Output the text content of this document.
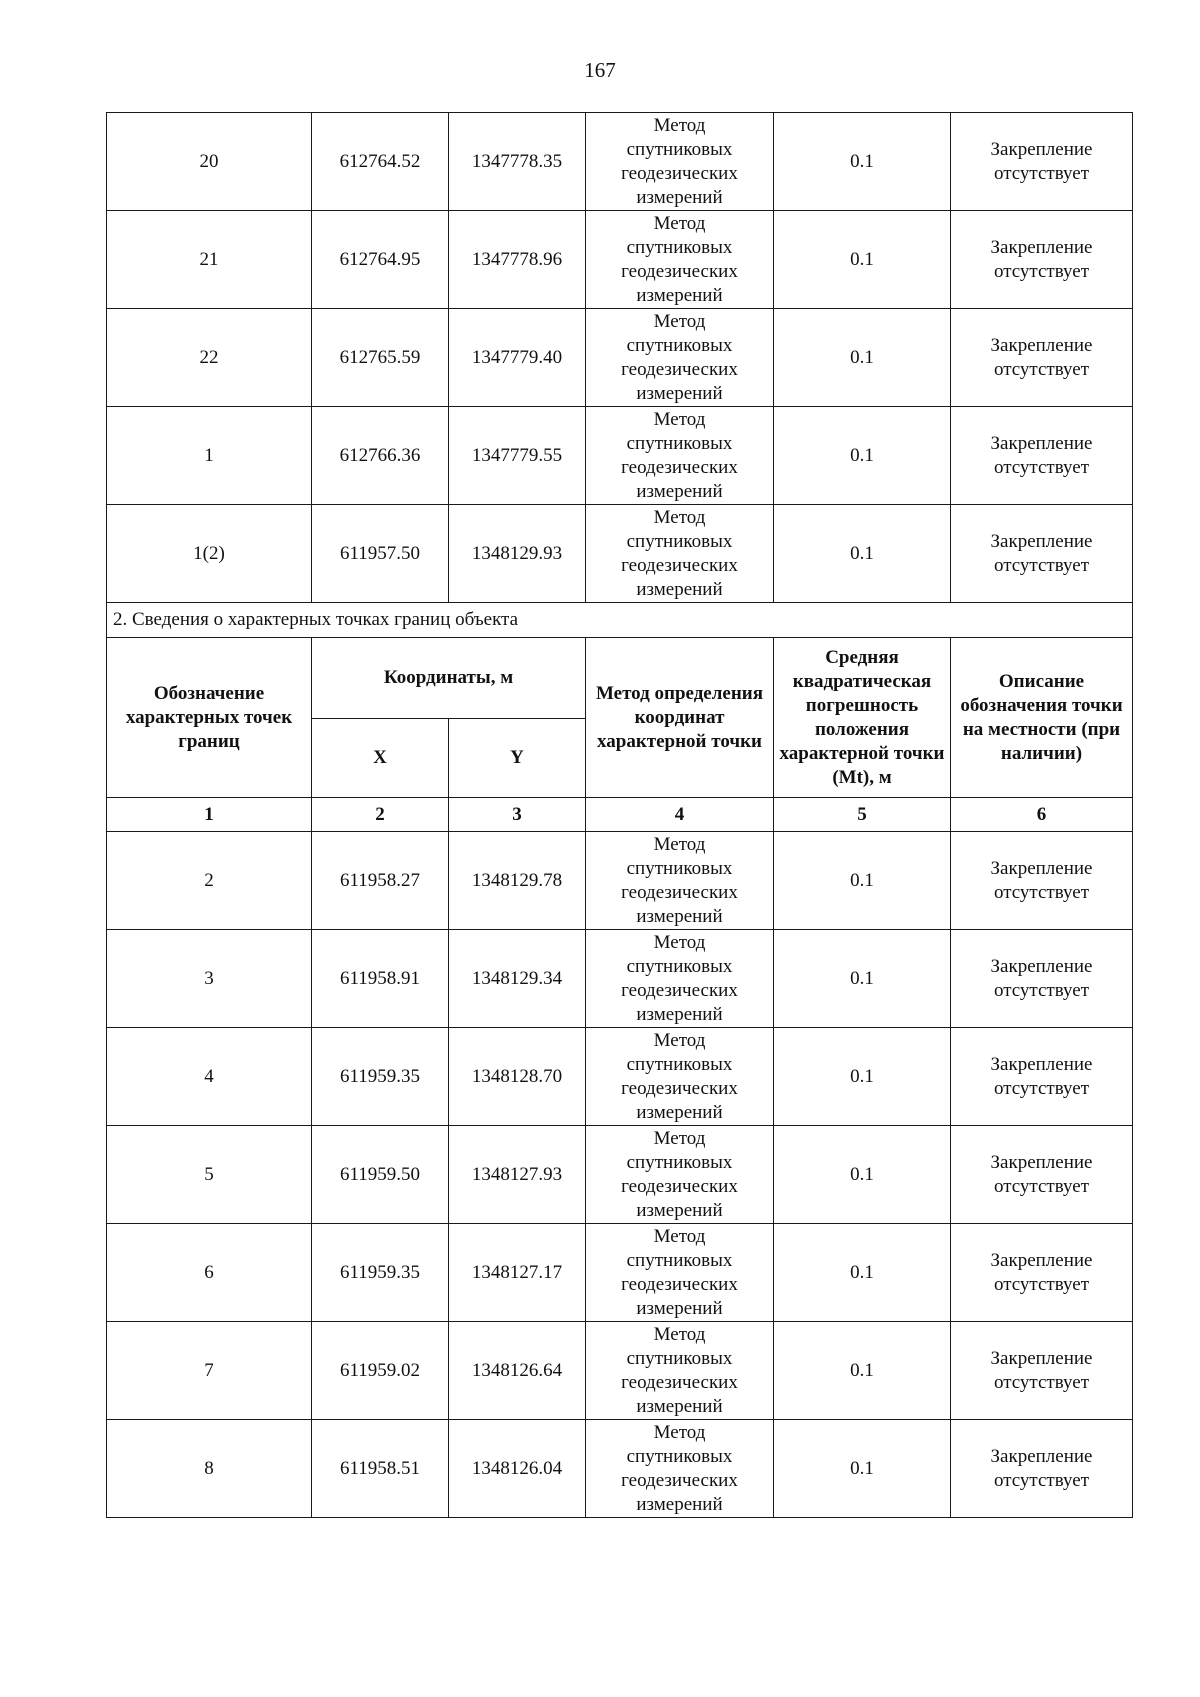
167
20	612764.52	1347778.35	Метод
спутниковых
геодезических
измерений	0.1	Закрепление
отсутствует

21	612764.95	1347778.96	Метод
спутниковых
геодезических
измерений	0.1	Закрепление
отсутствует

22	612765.59	1347779.40	Метод
спутниковых
геодезических
измерений	0.1	Закрепление
отсутствует

1	612766.36	1347779.55	Метод
спутниковых
геодезических
измерений	0.1	Закрепление
отсутствует

1(2)	611957.50	1348129.93	Метод
спутниковых
геодезических
измерений	0.1	Закрепление
отсутствует

2. Сведения о характерных точках границ объекта					
Обозначение характерных точек границ	Координаты, м		Метод определения координат характерной точки	Средняя квадратическая погрешность положения характерной точки (Mt), м	Описание обозначения точки на местности (при наличии)
	X	Y			
1	2	3	4	5	6

2	611958.27	1348129.78	Метод
спутниковых
геодезических
измерений	0.1	Закрепление
отсутствует

3	611958.91	1348129.34	Метод
спутниковых
геодезических
измерений	0.1	Закрепление
отсутствует

4	611959.35	1348128.70	Метод
спутниковых
геодезических
измерений	0.1	Закрепление
отсутствует

5	611959.50	1348127.93	Метод
спутниковых
геодезических
измерений	0.1	Закрепление
отсутствует

6	611959.35	1348127.17	Метод
спутниковых
геодезических
измерений	0.1	Закрепление
отсутствует

7	611959.02	1348126.64	Метод
спутниковых
геодезических
измерений	0.1	Закрепление
отсутствует

8	611958.51	1348126.04	Метод
спутниковых
геодезических
измерений	0.1	Закрепление
отсутствует
